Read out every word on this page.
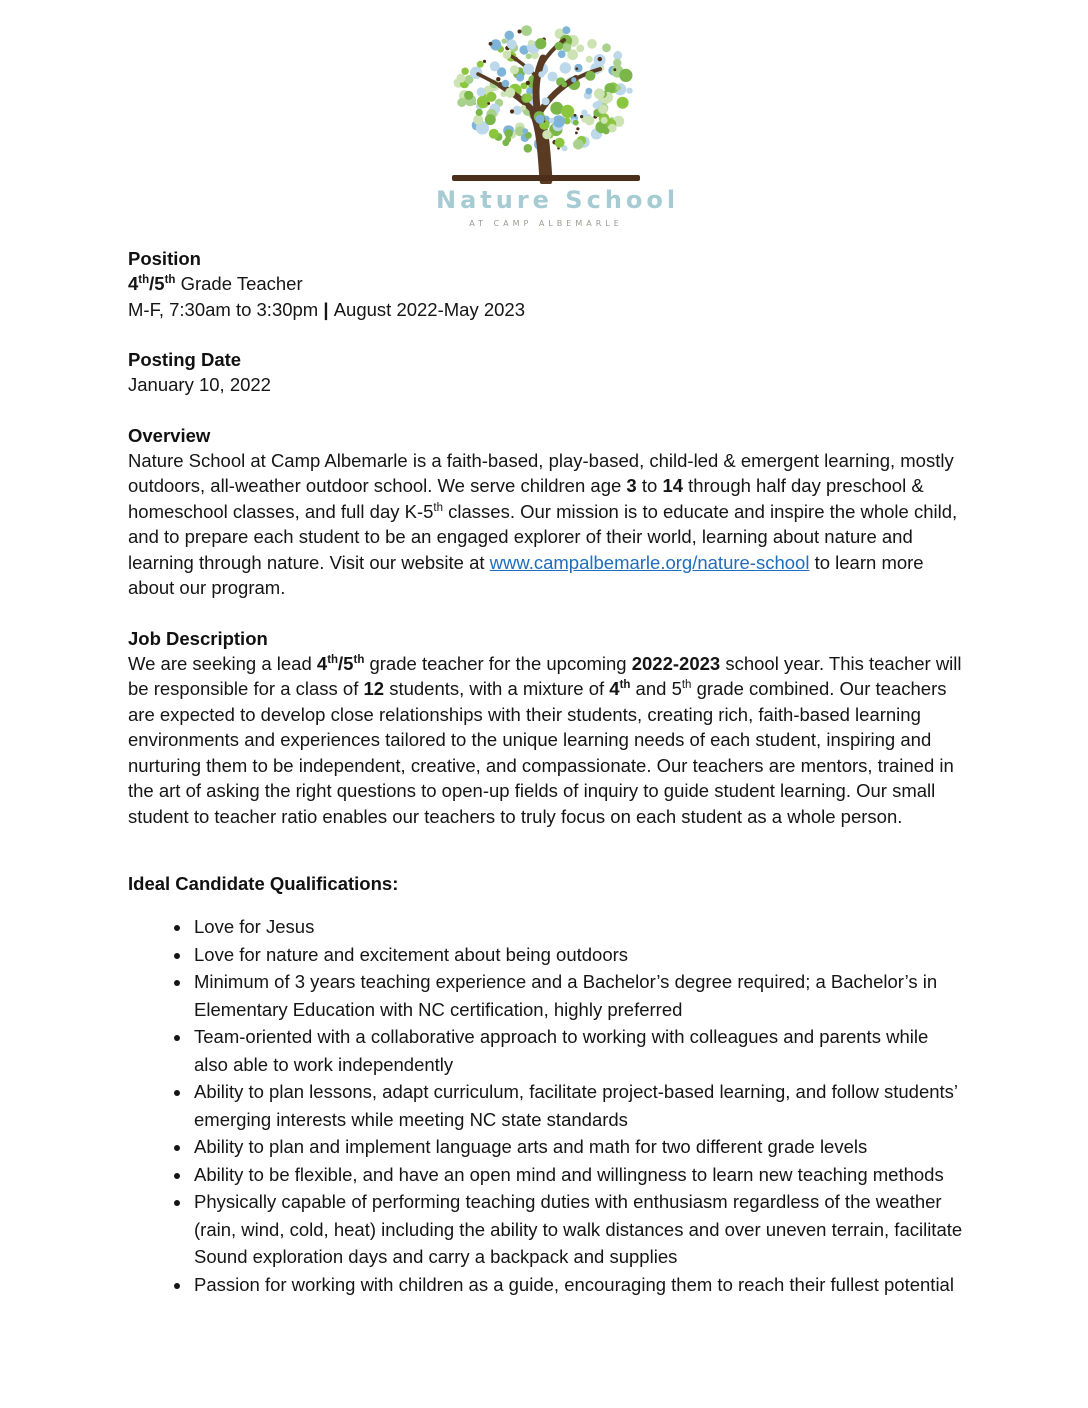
Nature School
AT CAMP ALBEMARLE
Position

4th/5th Grade Teacher

M-F, 7:30am to 3:30pm | August 2022-May 2023

Posting Date

January 10, 2022

Overview

Nature School at Camp Albemarle is a faith-based, play-based, child-led & emergent learning, mostly outdoors, all-weather outdoor school. We serve children age 3 to 14 through half day preschool & homeschool classes, and full day K-5th classes. Our mission is to educate and inspire the whole child, and to prepare each student to be an engaged explorer of their world, learning about nature and learning through nature. Visit our website at www.campalbemarle.org/nature-school to learn more about our program.

Job Description

We are seeking a lead 4th/5th grade teacher for the upcoming 2022-2023 school year. This teacher will be responsible for a class of 12 students, with a mixture of 4th and 5th grade combined. Our teachers are expected to develop close relationships with their students, creating rich, faith-based learning environments and experiences tailored to the unique learning needs of each student, inspiring and nurturing them to be independent, creative, and compassionate. Our teachers are mentors, trained in the art of asking the right questions to open-up fields of inquiry to guide student learning. Our small student to teacher ratio enables our teachers to truly focus on each student as a whole person.

Ideal Candidate Qualifications:
• Love for Jesus
• Love for nature and excitement about being outdoors
• Minimum of 3 years teaching experience and a Bachelor’s degree required; a Bachelor’s in Elementary Education with NC certification, highly preferred
• Team-oriented with a collaborative approach to working with colleagues and parents while also able to work independently
• Ability to plan lessons, adapt curriculum, facilitate project-based learning, and follow students’ emerging interests while meeting NC state standards
• Ability to plan and implement language arts and math for two different grade levels
• Ability to be flexible, and have an open mind and willingness to learn new teaching methods
• Physically capable of performing teaching duties with enthusiasm regardless of the weather (rain, wind, cold, heat) including the ability to walk distances and over uneven terrain, facilitate Sound exploration days and carry a backpack and supplies
• Passion for working with children as a guide, encouraging them to reach their fullest potential
